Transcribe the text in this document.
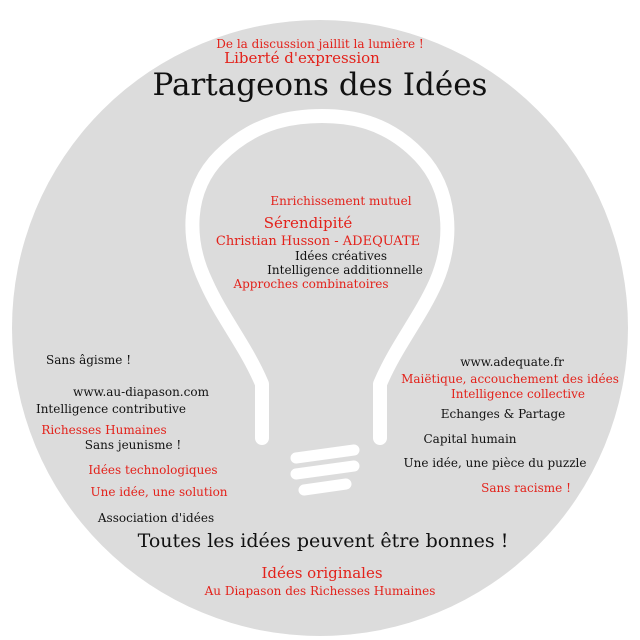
De la discussion jaillit la lumière !
Liberté d'expression
Partageons des Idées
Enrichissement mutuel
Sérendipité
Christian Husson - ADEQUATE
Idées créatives
Intelligence additionnelle
Approches combinatoires
Sans âgisme !
www.au-diapason.com
Intelligence contributive
Richesses Humaines
Sans jeunisme !
Idées technologiques
Une idée, une solution
Association d'idées
www.adequate.fr
Maiëtique, accouchement des idées
Intelligence collective
Echanges & Partage
Capital humain
Une idée, une pièce du puzzle
Sans racisme !
Toutes les idées peuvent être bonnes !
Idées originales
Au Diapason des Richesses Humaines
